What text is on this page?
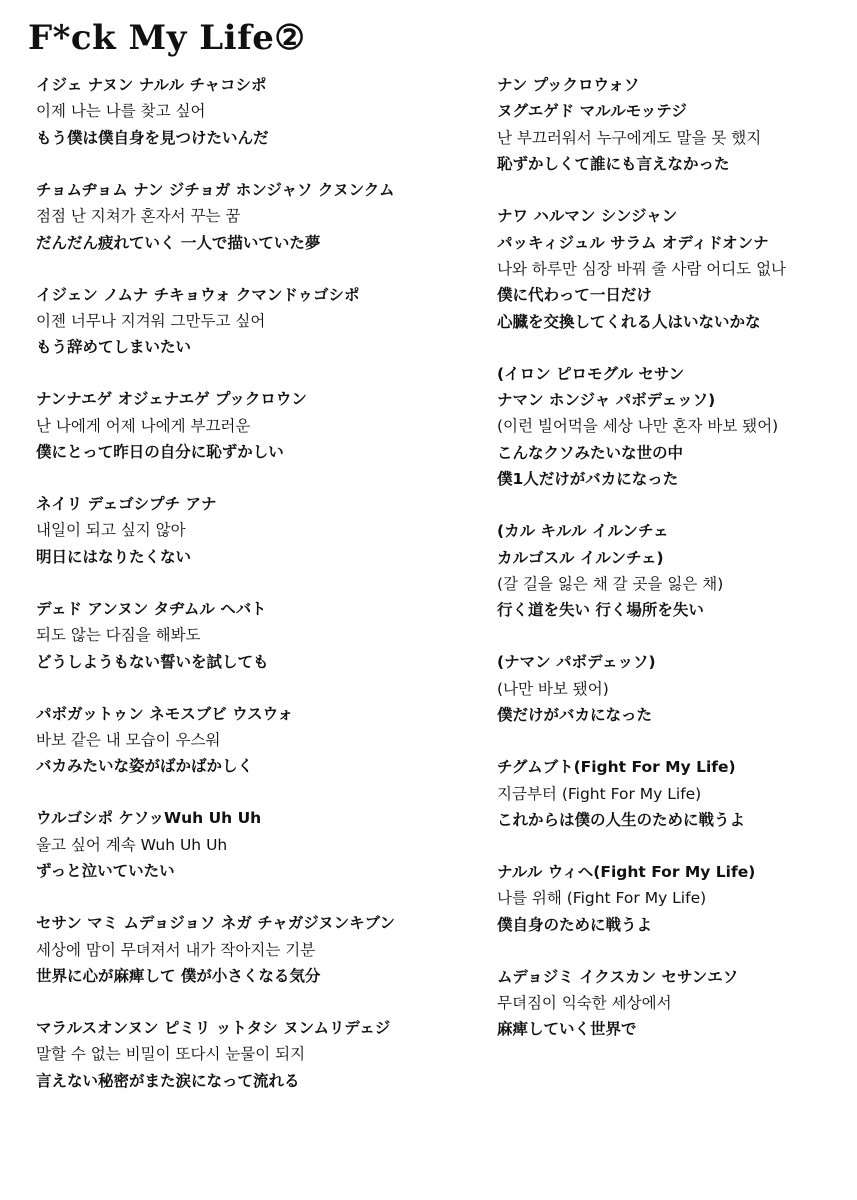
F*ck My Life②
イジェ ナヌン ナルル チャコシポ
이제 나는 나를 찾고 싶어
もう僕は僕自身を見つけたいんだ
チョムヂョム ナン ジチョガ ホンジャソ クヌンクム
점점 난 지쳐가 혼자서 꾸는 꿈
だんだん疲れていく 一人で描いていた夢
イジェン ノムナ チキョウォ クマンドゥゴシポ
이젠 너무나 지겨워 그만두고 싶어
もう辞めてしまいたい
ナンナエゲ オジェナエゲ プックロウン
난 나에게 어제 나에게 부끄러운
僕にとって昨日の自分に恥ずかしい
ネイリ デェゴシプチ アナ
내일이 되고 싶지 않아
明日にはなりたくない
デェド アンヌン タヂムル ヘバト
되도 않는 다짐을 해봐도
どうしようもない誓いを試しても
パボガットゥン ネモスブビ ウスウォ
바보 같은 내 모습이 우스워
バカみたいな姿がばかばかしく
ウルゴシポ ケソッWuh Uh Uh
울고 싶어 계속 Wuh Uh Uh
ずっと泣いていたい
セサン マミ ムデョジョソ ネガ チャガジヌンキブン
세상에 맘이 무뎌져서 내가 작아지는 기분
世界に心が麻痺して 僕が小さくなる気分
マラルスオンヌン ピミリ ットタシ ヌンムリデェジ
말할 수 없는 비밀이 또다시 눈물이 되지
言えない秘密がまた涙になって流れる
ナン プックロウォソ
ヌグエゲド マルルモッテジ
난 부끄러워서 누구에게도 말을 못 했지
恥ずかしくて誰にも言えなかった
ナワ ハルマン シンジャン
パッキィジュル サラム オディドオンナ
나와 하루만 심장 바꿔 줄 사람 어디도 없나
僕に代わって一日だけ
心臓を交換してくれる人はいないかな
(イロン ピロモグル セサン
ナマン ホンジャ パボデェッソ)
(이런 빌어먹을 세상 나만 혼자 바보 됐어)
こんなクソみたいな世の中
僕1人だけがバカになった
(カル キルル イルンチェ
カルゴスル イルンチェ)
(갈 길을 잃은 채 갈 곳을 잃은 채)
行く道を失い 行く場所を失い
(ナマン パボデェッソ)
(나만 바보 됐어)
僕だけがバカになった
チグムブト(Fight For My Life)
지금부터 (Fight For My Life)
これからは僕の人生のために戦うよ
ナルル ウィヘ(Fight For My Life)
나를 위해 (Fight For My Life)
僕自身のために戦うよ
ムデョジミ イクスカン セサンエソ
무뎌짐이 익숙한 세상에서
麻痺していく世界で
